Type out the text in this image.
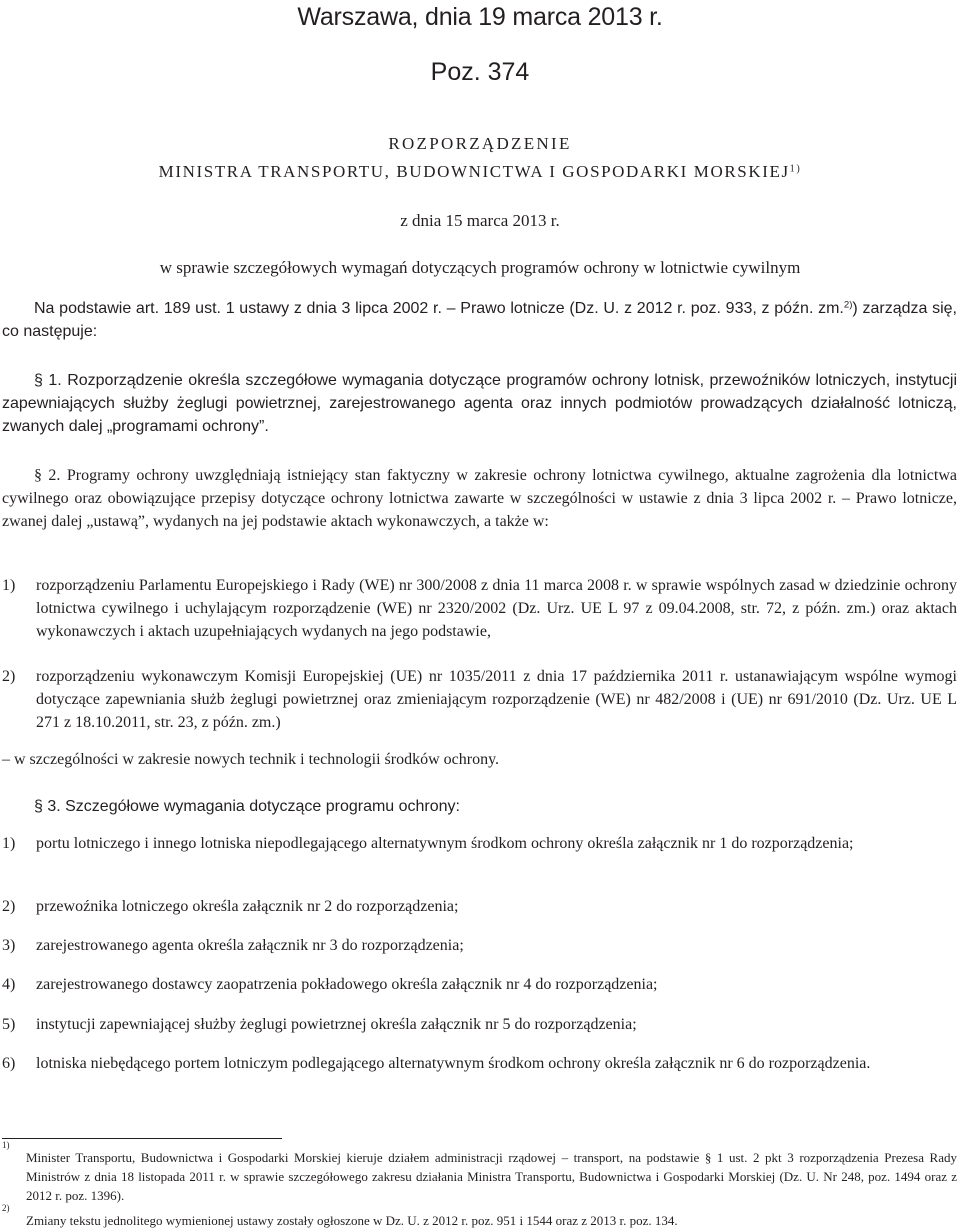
Warszawa, dnia 19 marca 2013 r.
Poz. 374
ROZPORZĄDZENIE
MINISTRA TRANSPORTU, BUDOWNICTWA I GOSPODARKI MORSKIEJ$^{1)}$
z dnia 15 marca 2013 r.
w sprawie szczegółowych wymagań dotyczących programów ochrony w lotnictwie cywilnym
Na podstawie art. 189 ust. 1 ustawy z dnia 3 lipca 2002 r. – Prawo lotnicze (Dz. U. z 2012 r. poz. 933, z późn. zm.$^{2)}$) zarządza się, co następuje:
§ 1. Rozporządzenie określa szczegółowe wymagania dotyczące programów ochrony lotnisk, przewoźników lotniczych, instytucji zapewniających służby żeglugi powietrznej, zarejestrowanego agenta oraz innych podmiotów prowadzących działalność lotniczą, zwanych dalej „programami ochrony”.
§ 2. Programy ochrony uwzględniają istniejący stan faktyczny w zakresie ochrony lotnictwa cywilnego, aktualne zagrożenia dla lotnictwa cywilnego oraz obowiązujące przepisy dotyczące ochrony lotnictwa zawarte w szczególności w ustawie z dnia 3 lipca 2002 r. – Prawo lotnicze, zwanej dalej „ustawą”, wydanych na jej podstawie aktach wykonawczych, a także w:
1) rozporządzeniu Parlamentu Europejskiego i Rady (WE) nr 300/2008 z dnia 11 marca 2008 r. w sprawie wspólnych zasad w dziedzinie ochrony lotnictwa cywilnego i uchylającym rozporządzenie (WE) nr 2320/2002 (Dz. Urz. UE L 97 z 09.04.2008, str. 72, z późn. zm.) oraz aktach wykonawczych i aktach uzupełniających wydanych na jego podstawie,
2) rozporządzeniu wykonawczym Komisji Europejskiej (UE) nr 1035/2011 z dnia 17 października 2011 r. ustanawiającym wspólne wymogi dotyczące zapewniania służb żeglugi powietrznej oraz zmieniającym rozporządzenie (WE) nr 482/2008 i (UE) nr 691/2010 (Dz. Urz. UE L 271 z 18.10.2011, str. 23, z późn. zm.)
– w szczególności w zakresie nowych technik i technologii środków ochrony.
§ 3. Szczegółowe wymagania dotyczące programu ochrony:
1) portu lotniczego i innego lotniska niepodlegającego alternatywnym środkom ochrony określa załącznik nr 1 do rozporządzenia;
2) przewoźnika lotniczego określa załącznik nr 2 do rozporządzenia;
3) zarejestrowanego agenta określa załącznik nr 3 do rozporządzenia;
4) zarejestrowanego dostawcy zaopatrzenia pokładowego określa załącznik nr 4 do rozporządzenia;
5) instytucji zapewniającej służby żeglugi powietrznej określa załącznik nr 5 do rozporządzenia;
6) lotniska niebędącego portem lotniczym podlegającego alternatywnym środkom ochrony określa załącznik nr 6 do rozporządzenia.
1)
Minister Transportu, Budownictwa i Gospodarki Morskiej kieruje działem administracji rządowej – transport, na podstawie § 1 ust. 2 pkt 3 rozporządzenia Prezesa Rady Ministrów z dnia 18 listopada 2011 r. w sprawie szczegółowego zakresu działania Ministra Transportu, Budownictwa i Gospodarki Morskiej (Dz. U. Nr 248, poz. 1494 oraz z 2012 r. poz. 1396).
2)
Zmiany tekstu jednolitego wymienionej ustawy zostały ogłoszone w Dz. U. z 2012 r. poz. 951 i 1544 oraz z 2013 r. poz. 134.
